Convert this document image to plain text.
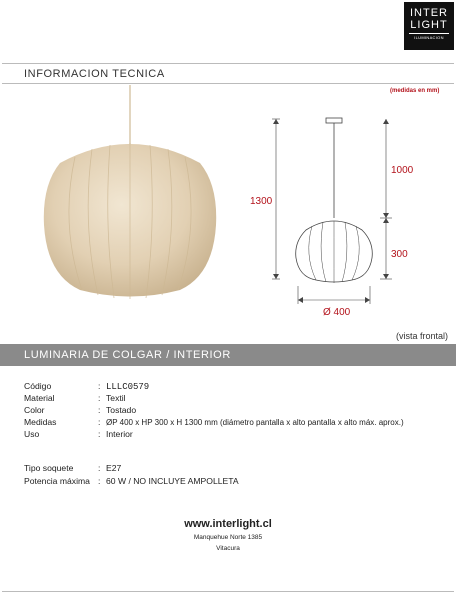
INTER
LIGHT
ILUMINACION
INFORMACION TECNICA
(medidas en mm)
1300
1000
300
Ø 400
(vista frontal)
LUMINARIA DE COLGAR / INTERIOR
Código	: LLLC0579
Material	: Textil
Color	: Tostado
Medidas	: ØP 400 x HP 300 x H 1300 mm (diámetro pantalla x alto pantalla x alto máx. aprox.)
Uso	: Interior
Tipo soquete	: E27
Potencia máxima : 60 W / NO INCLUYE AMPOLLETA
www.interlight.cl
Manquehue Norte 1385
Vitacura
